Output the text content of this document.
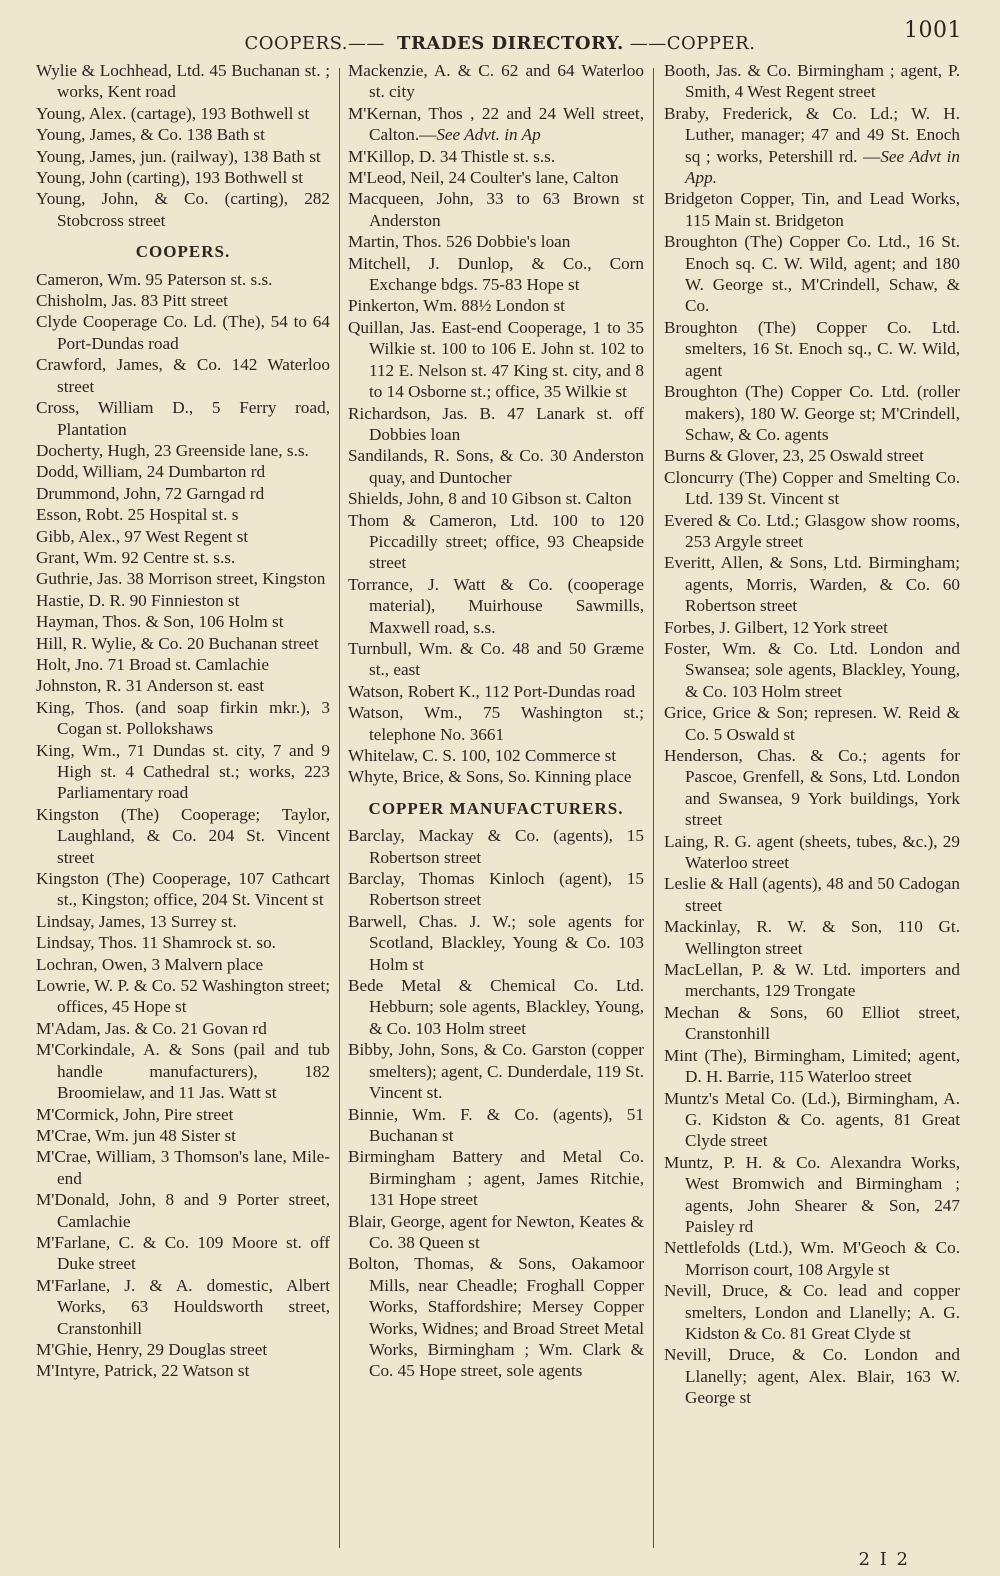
COOPERS.—— TRADES DIRECTORY. ——COPPER.
1001
Wylie & Lochhead, Ltd. 45 Buchanan st. ; works, Kent road
Young, Alex. (cartage), 193 Bothwell st
Young, James, & Co. 138 Bath st
Young, James, jun. (railway), 138 Bath st
Young, John (carting), 193 Bothwell st
Young, John, & Co. (carting), 282 Stobcross street
COOPERS.
Cameron, Wm. 95 Paterson st. s.s.
Chisholm, Jas. 83 Pitt street
Clyde Cooperage Co. Ld. (The), 54 to 64 Port-Dundas road
Crawford, James, & Co. 142 Waterloo street
Cross, William D., 5 Ferry road, Plantation
Docherty, Hugh, 23 Greenside lane, s.s.
Dodd, William, 24 Dumbarton rd
Drummond, John, 72 Garngad rd
Esson, Robt. 25 Hospital st. s
Gibb, Alex., 97 West Regent st
Grant, Wm. 92 Centre st. s.s.
Guthrie, Jas. 38 Morrison street, Kingston
Hastie, D. R. 90 Finnieston st
Hayman, Thos. & Son, 106 Holm st
Hill, R. Wylie, & Co. 20 Buchanan street
Holt, Jno. 71 Broad st. Camlachie
Johnston, R. 31 Anderson st. east
King, Thos. (and soap firkin mkr.), 3 Cogan st. Pollokshaws
King, Wm., 71 Dundas st. city, 7 and 9 High st. 4 Cathedral st.; works, 223 Parliamentary road
Kingston (The) Cooperage; Taylor, Laughland, & Co. 204 St. Vincent street
Kingston (The) Cooperage, 107 Cathcart st., Kingston; office, 204 St. Vincent st
Lindsay, James, 13 Surrey st.
Lindsay, Thos. 11 Shamrock st. so.
Lochran, Owen, 3 Malvern place
Lowrie, W. P. & Co. 52 Washington street; offices, 45 Hope st
M'Adam, Jas. & Co. 21 Govan rd
M'Corkindale, A. & Sons (pail and tub handle manufacturers), 182 Broomielaw, and 11 Jas. Watt st
M'Cormick, John, Pire street
M'Crae, Wm. jun 48 Sister st
M'Crae, William, 3 Thomson's lane, Mile-end
M'Donald, John, 8 and 9 Porter street, Camlachie
M'Farlane, C. & Co. 109 Moore st. off Duke street
M'Farlane, J. & A. domestic, Albert Works, 63 Houldsworth street, Cranstonhill
M'Ghie, Henry, 29 Douglas street
M'Intyre, Patrick, 22 Watson st
Mackenzie, A. & C. 62 and 64 Waterloo st. city
M'Kernan, Thos , 22 and 24 Well street, Calton.—See Advt. in Ap
M'Killop, D. 34 Thistle st. s.s.
M'Leod, Neil, 24 Coulter's lane, Calton
Macqueen, John, 33 to 63 Brown st Anderston
Martin, Thos. 526 Dobbie's loan
Mitchell, J. Dunlop, & Co., Corn Exchange bdgs. 75-83 Hope st
Pinkerton, Wm. 88½ London st
Quillan, Jas. East-end Cooperage, 1 to 35 Wilkie st. 100 to 106 E. John st. 102 to 112 E. Nelson st. 47 King st. city, and 8 to 14 Osborne st.; office, 35 Wilkie st
Richardson, Jas. B. 47 Lanark st. off Dobbies loan
Sandilands, R. Sons, & Co. 30 Anderston quay, and Duntocher
Shields, John, 8 and 10 Gibson st. Calton
Thom & Cameron, Ltd. 100 to 120 Piccadilly street; office, 93 Cheapside street
Torrance, J. Watt & Co. (cooperage material), Muirhouse Sawmills, Maxwell road, s.s.
Turnbull, Wm. & Co. 48 and 50 Græme st., east
Watson, Robert K., 112 Port-Dundas road
Watson, Wm., 75 Washington st.; telephone No. 3661
Whitelaw, C. S. 100, 102 Commerce st
Whyte, Brice, & Sons, So. Kinning place
COPPER MANUFACTURERS.
Barclay, Mackay & Co. (agents), 15 Robertson street
Barclay, Thomas Kinloch (agent), 15 Robertson street
Barwell, Chas. J. W.; sole agents for Scotland, Blackley, Young & Co. 103 Holm st
Bede Metal & Chemical Co. Ltd. Hebburn; sole agents, Blackley, Young, & Co. 103 Holm street
Bibby, John, Sons, & Co. Garston (copper smelters); agent, C. Dunderdale, 119 St. Vincent st.
Binnie, Wm. F. & Co. (agents), 51 Buchanan st
Birmingham Battery and Metal Co. Birmingham ; agent, James Ritchie, 131 Hope street
Blair, George, agent for Newton, Keates & Co. 38 Queen st
Bolton, Thomas, & Sons, Oakamoor Mills, near Cheadle; Froghall Copper Works, Staffordshire; Mersey Copper Works, Widnes; and Broad Street Metal Works, Birmingham ; Wm. Clark & Co. 45 Hope street, sole agents
Booth, Jas. & Co. Birmingham ; agent, P. Smith, 4 West Regent street
Braby, Frederick, & Co. Ld.; W. H. Luther, manager; 47 and 49 St. Enoch sq ; works, Petershill rd. —See Advt in App.
Bridgeton Copper, Tin, and Lead Works, 115 Main st. Bridgeton
Broughton (The) Copper Co. Ltd., 16 St. Enoch sq. C. W. Wild, agent; and 180 W. George st., M'Crindell, Schaw, & Co.
Broughton (The) Copper Co. Ltd. smelters, 16 St. Enoch sq., C. W. Wild, agent
Broughton (The) Copper Co. Ltd. (roller makers), 180 W. George st; M'Crindell, Schaw, & Co. agents
Burns & Glover, 23, 25 Oswald street
Cloncurry (The) Copper and Smelting Co. Ltd. 139 St. Vincent st
Evered & Co. Ltd.; Glasgow show rooms, 253 Argyle street
Everitt, Allen, & Sons, Ltd. Birmingham; agents, Morris, Warden, & Co. 60 Robertson street
Forbes, J. Gilbert, 12 York street
Foster, Wm. & Co. Ltd. London and Swansea; sole agents, Blackley, Young, & Co. 103 Holm street
Grice, Grice & Son; represen. W. Reid & Co. 5 Oswald st
Henderson, Chas. & Co.; agents for Pascoe, Grenfell, & Sons, Ltd. London and Swansea, 9 York buildings, York street
Laing, R. G. agent (sheets, tubes, &c.), 29 Waterloo street
Leslie & Hall (agents), 48 and 50 Cadogan street
Mackinlay, R. W. & Son, 110 Gt. Wellington street
MacLellan, P. & W. Ltd. importers and merchants, 129 Trongate
Mechan & Sons, 60 Elliot street, Cranstonhill
Mint (The), Birmingham, Limited; agent, D. H. Barrie, 115 Waterloo street
Muntz's Metal Co. (Ld.), Birmingham, A. G. Kidston & Co. agents, 81 Great Clyde street
Muntz, P. H. & Co. Alexandra Works, West Bromwich and Birmingham ; agents, John Shearer & Son, 247 Paisley rd
Nettlefolds (Ltd.), Wm. M'Geoch & Co. Morrison court, 108 Argyle st
Nevill, Druce, & Co. lead and copper smelters, London and Llanelly; A. G. Kidston & Co. 81 Great Clyde st
Nevill, Druce, & Co. London and Llanelly; agent, Alex. Blair, 163 W. George st
2 I 2
